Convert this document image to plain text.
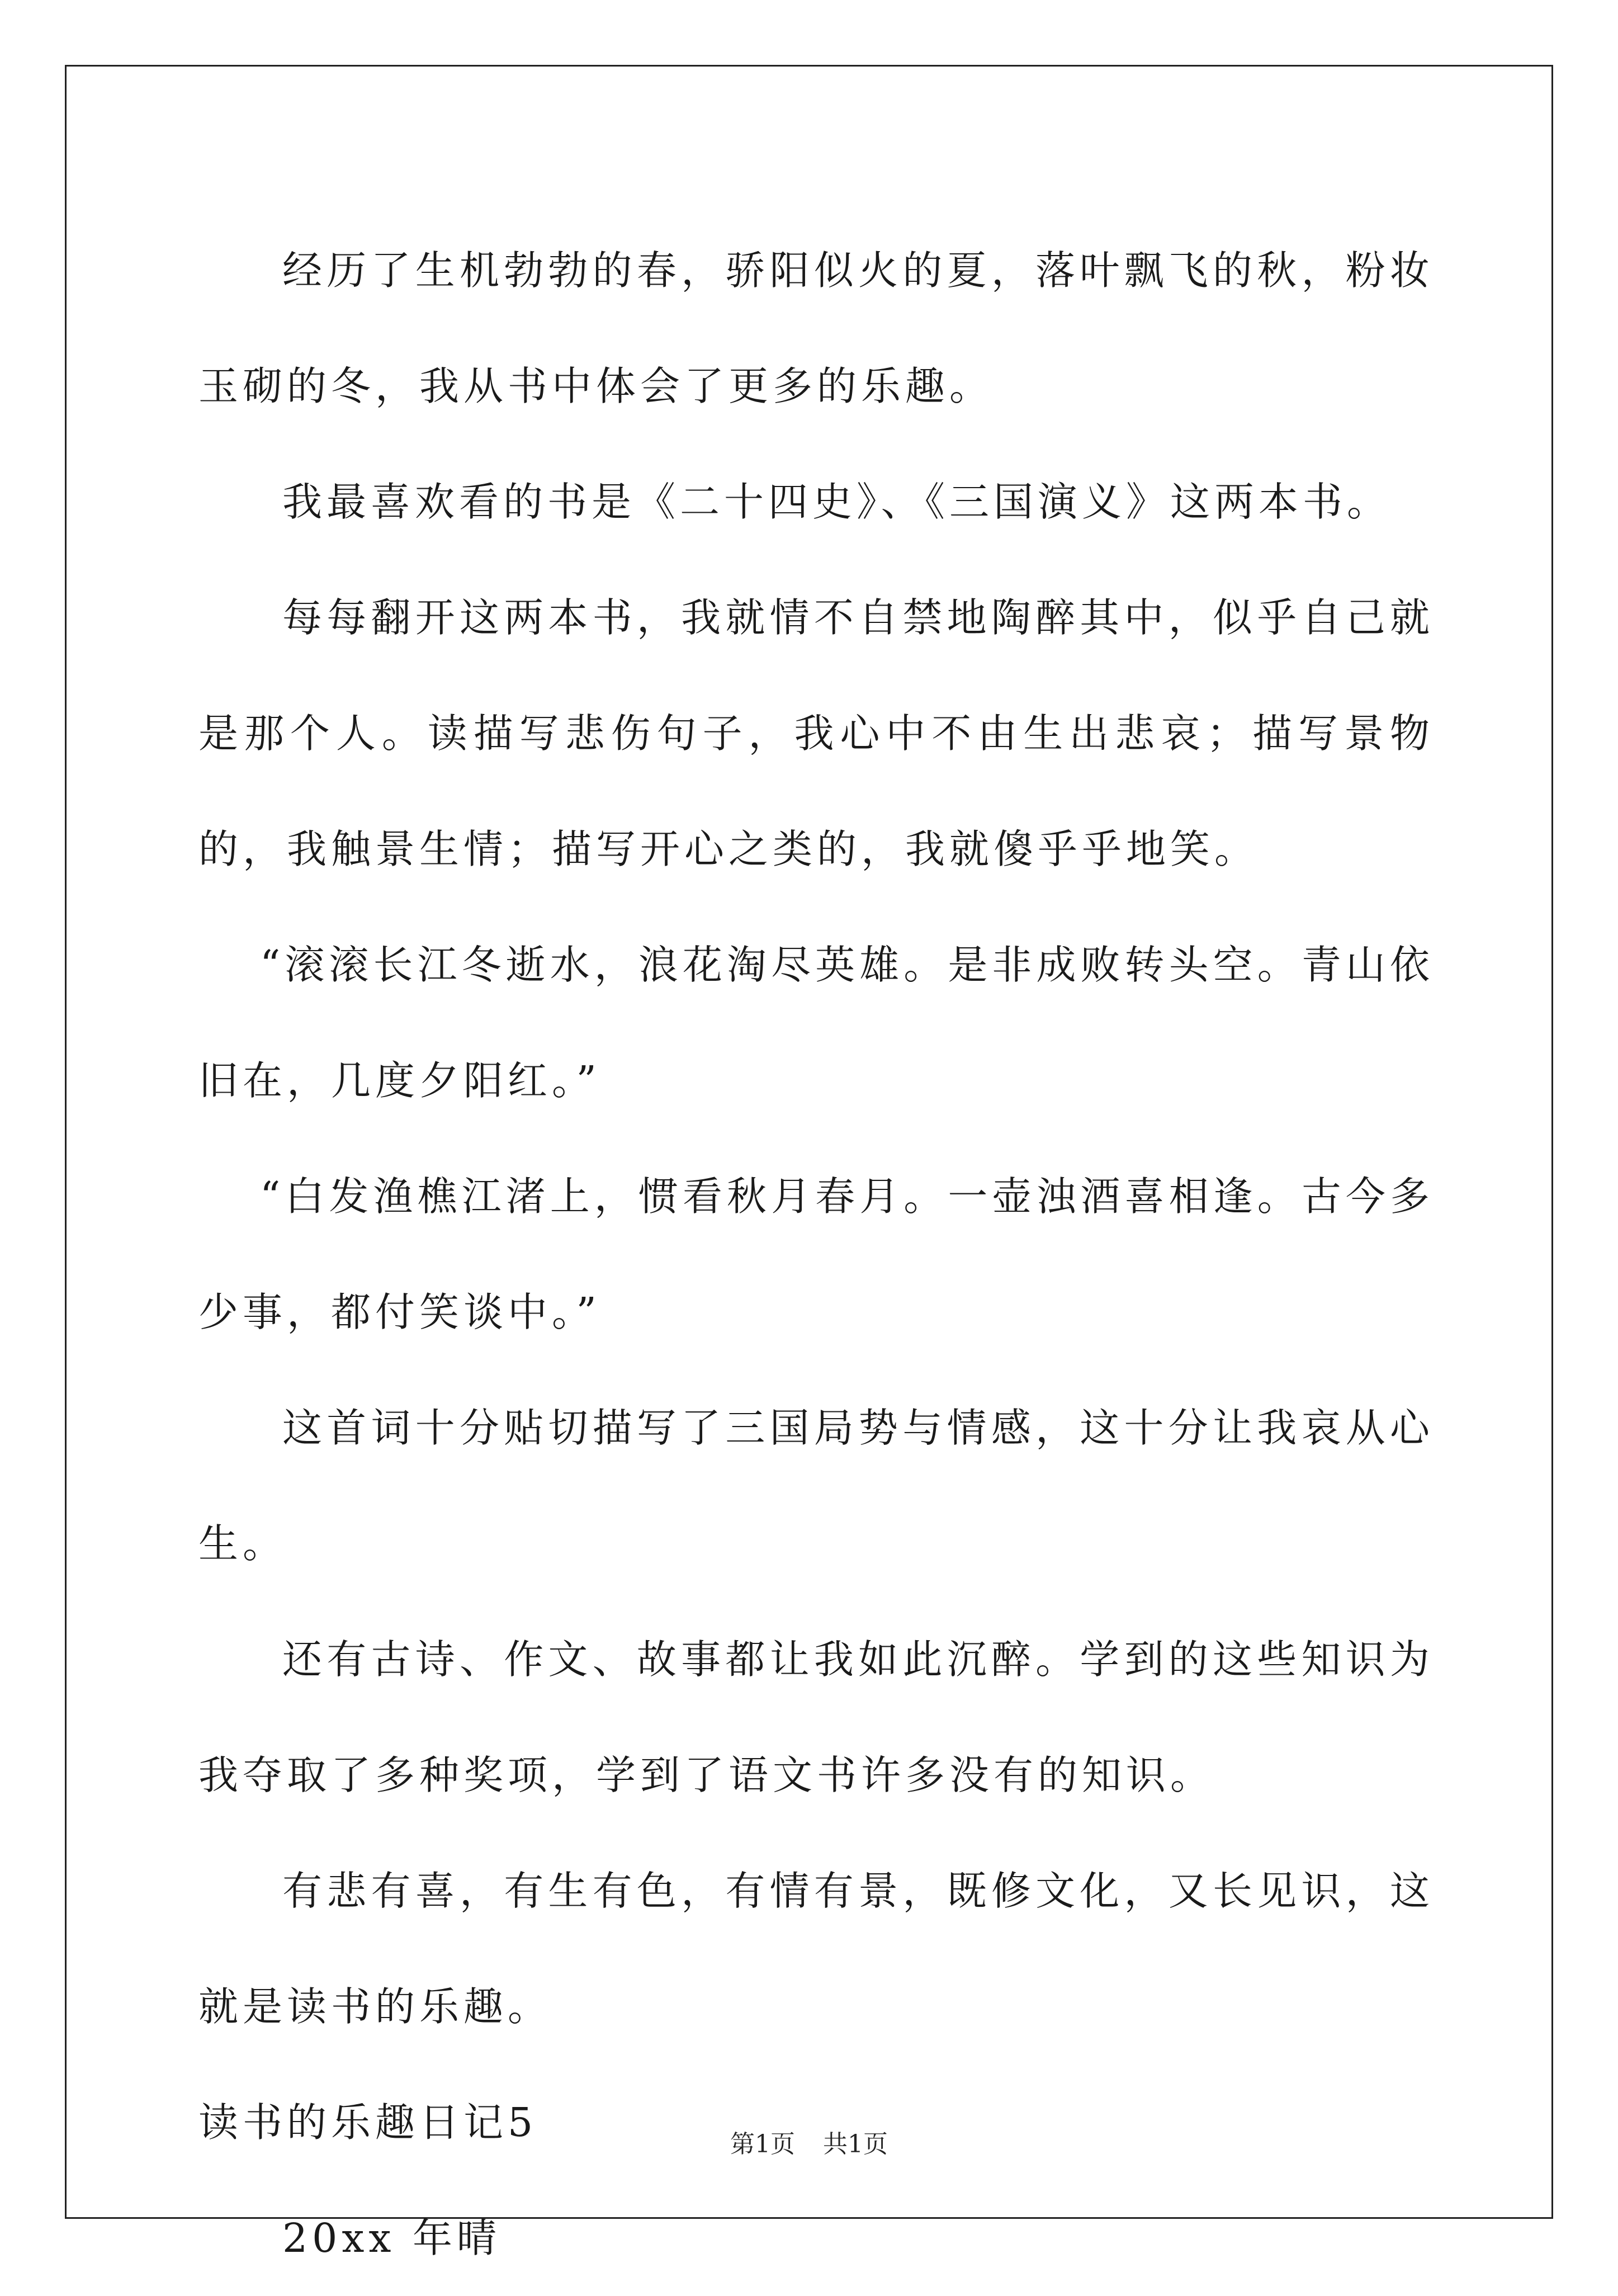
经历了生机勃勃的春，骄阳似火的夏，落叶飘飞的秋，粉妆玉砌的冬，我从书中体会了更多的乐趣。

我最喜欢看的书是《二十四史》、《三国演义》这两本书。

每每翻开这两本书，我就情不自禁地陶醉其中，似乎自己就是那个人。读描写悲伤句子，我心中不由生出悲哀；描写景物的，我触景生情；描写开心之类的，我就傻乎乎地笑。

“滚滚长江冬逝水，浪花淘尽英雄。是非成败转头空。青山依旧在，几度夕阳红。”

“白发渔樵江渚上，惯看秋月春月。一壶浊酒喜相逢。古今多少事，都付笑谈中。”

这首词十分贴切描写了三国局势与情感，这十分让我哀从心生。

还有古诗、作文、故事都让我如此沉醉。学到的这些知识为我夺取了多种奖项，学到了语文书许多没有的知识。

有悲有喜，有生有色，有情有景，既修文化，又长见识，这就是读书的乐趣。

读书的乐趣日记5

20xx 年晴

第1页 共1页
